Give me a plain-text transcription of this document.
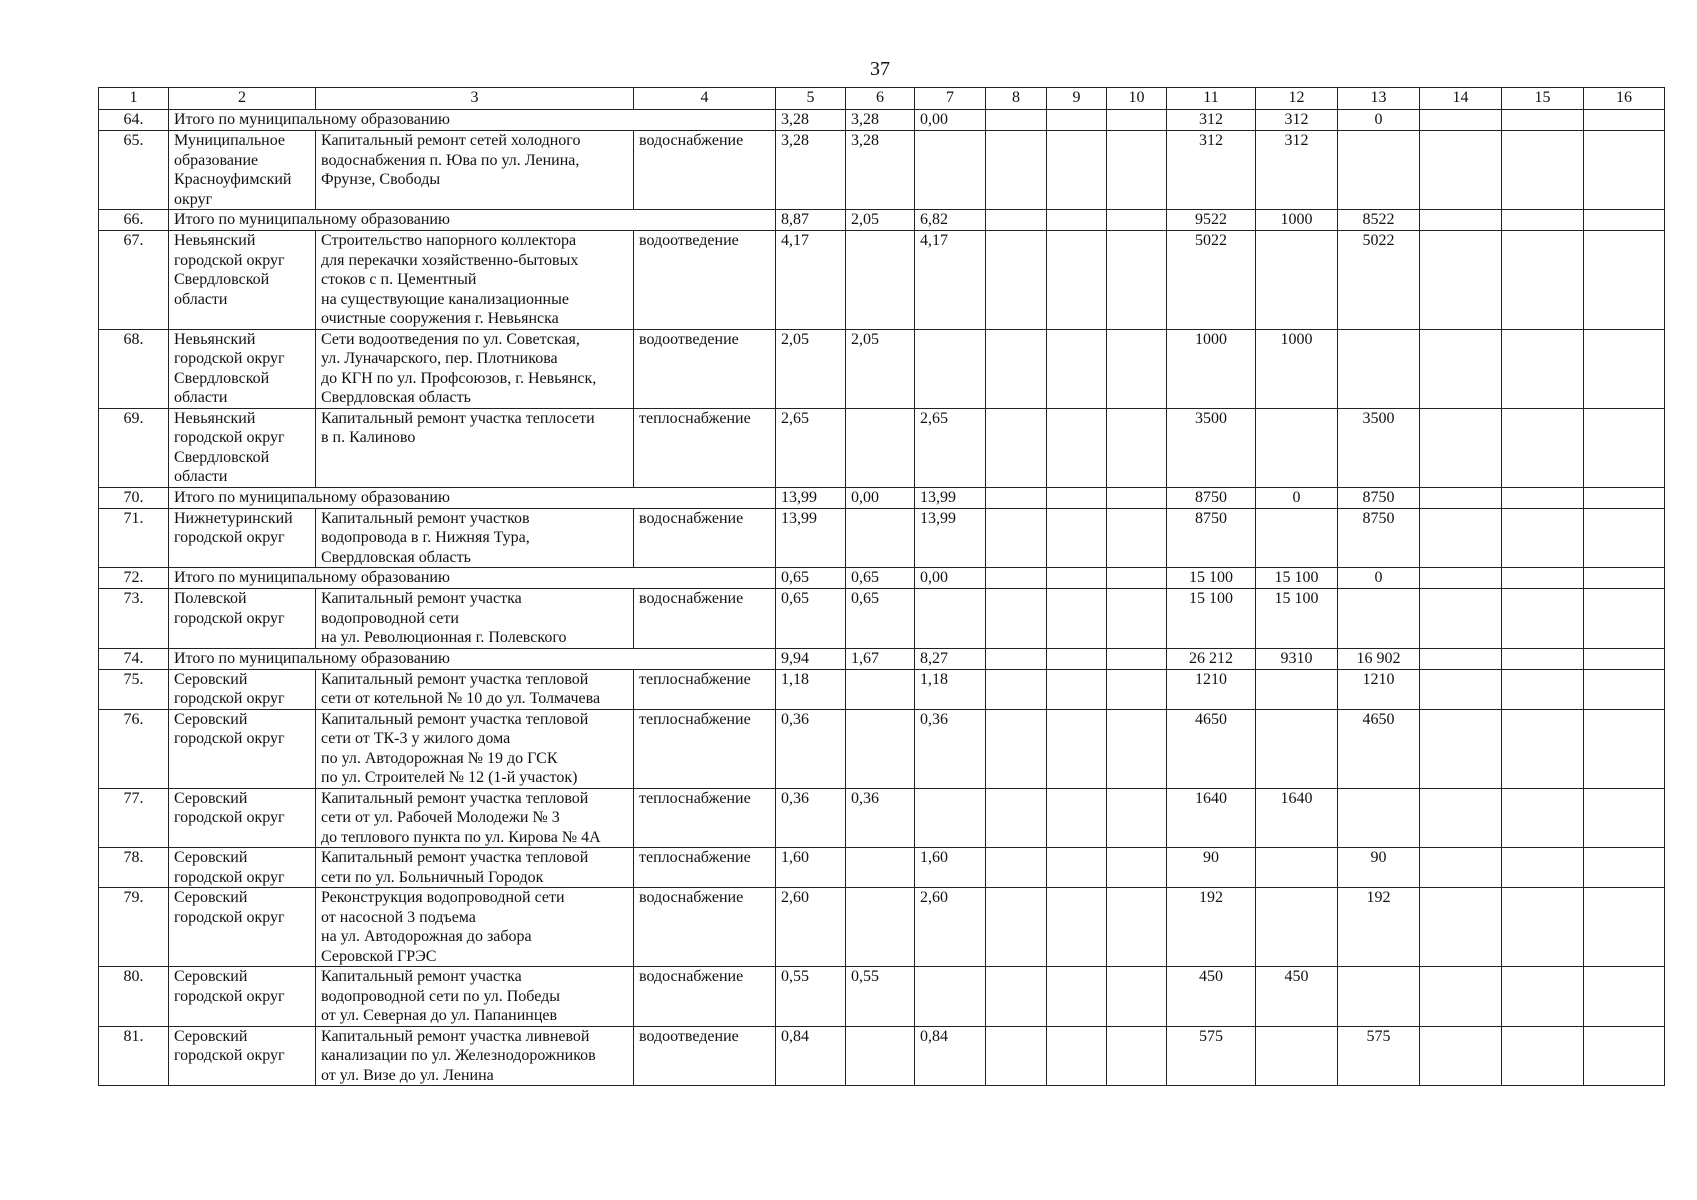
37
1	2	3	4	5	6	7	8	9	10	11	12	13	14	15	16
64.	Итого по муниципальному образованию			3,28	3,28	0,00				312	312	0			
65.	Муниципальное
образование
Красноуфимский
округ	Капитальный ремонт сетей холодного
водоснабжения п. Юва по ул. Ленина,
Фрунзе, Свободы	водоснабжение	3,28	3,28					312	312				
66.	Итого по муниципальному образованию			8,87	2,05	6,82				9522	1000	8522			
67.	Невьянский
городской округ
Свердловской
области	Строительство напорного коллектора
для перекачки хозяйственно-бытовых
стоков с п. Цементный
на существующие канализационные
очистные сооружения г. Невьянска	водоотведение	4,17		4,17				5022		5022			
68.	Невьянский
городской округ
Свердловской
области	Сети водоотведения по ул. Советская,
ул. Луначарского, пер. Плотникова
до КГН по ул. Профсоюзов, г. Невьянск,
Свердловская область	водоотведение	2,05	2,05					1000	1000				
69.	Невьянский
городской округ
Свердловской
области	Капитальный ремонт участка теплосети
в п. Калиново	теплоснабжение	2,65		2,65				3500		3500			
70.	Итого по муниципальному образованию			13,99	0,00	13,99				8750	0	8750			
71.	Нижнетуринский
городской округ	Капитальный ремонт участков
водопровода в г. Нижняя Тура,
Свердловская область	водоснабжение	13,99		13,99				8750		8750			
72.	Итого по муниципальному образованию			0,65	0,65	0,00				15 100	15 100	0			
73.	Полевской
городской округ	Капитальный ремонт участка
водопроводной сети
на ул. Революционная г. Полевского	водоснабжение	0,65	0,65					15 100	15 100				
74.	Итого по муниципальному образованию			9,94	1,67	8,27				26 212	9310	16 902			
75.	Серовский
городской округ	Капитальный ремонт участка тепловой
сети от котельной № 10 до ул. Толмачева	теплоснабжение	1,18		1,18				1210		1210			
76.	Серовский
городской округ	Капитальный ремонт участка тепловой
сети от ТК-3 у жилого дома
по ул. Автодорожная № 19 до ГСК
по ул. Строителей № 12 (1-й участок)	теплоснабжение	0,36		0,36				4650		4650			
77.	Серовский
городской округ	Капитальный ремонт участка тепловой
сети от ул. Рабочей Молодежи № 3
до теплового пункта по ул. Кирова № 4А	теплоснабжение	0,36	0,36					1640	1640				
78.	Серовский
городской округ	Капитальный ремонт участка тепловой
сети по ул. Больничный Городок	теплоснабжение	1,60		1,60				90		90			
79.	Серовский
городской округ	Реконструкция водопроводной сети
от насосной 3 подъема
на ул. Автодорожная до забора
Серовской ГРЭС	водоснабжение	2,60		2,60				192		192			
80.	Серовский
городской округ	Капитальный ремонт участка
водопроводной сети по ул. Победы
от ул. Северная до ул. Папанинцев	водоснабжение	0,55	0,55					450	450				
81.	Серовский
городской округ	Капитальный ремонт участка ливневой
канализации по ул. Железнодорожников
от ул. Визе до ул. Ленина	водоотведение	0,84		0,84				575		575			
